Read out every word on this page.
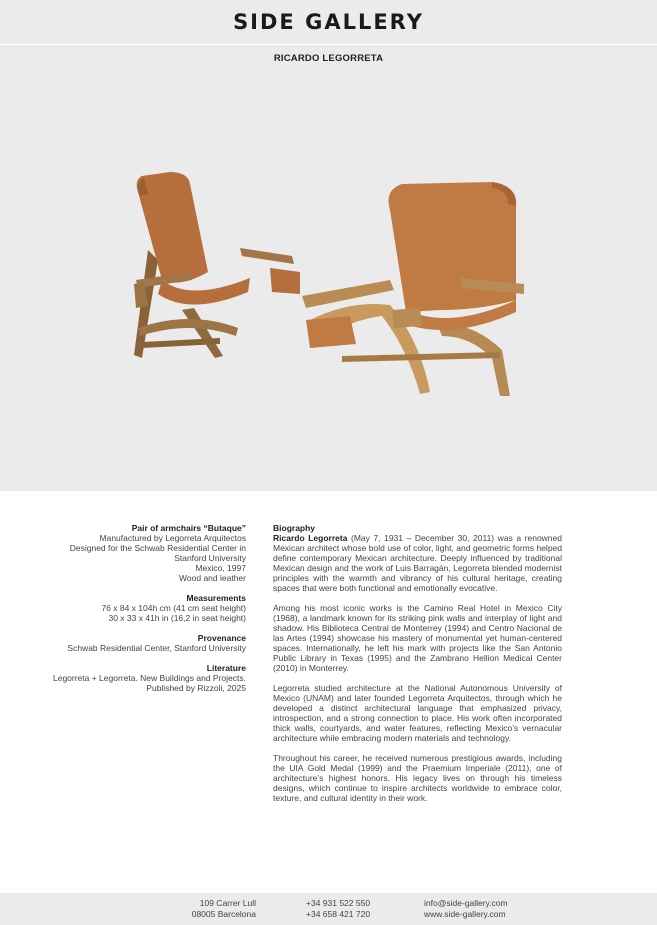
SIDE GALLERY
RICARDO LEGORRETA
Pair of armchairs “Butaque”
Manufactured by Legorreta Arquitectos
Designed for the Schwab Residential Center in
Stanford University
Mexico, 1997
Wood and leather
Measurements
76 x 84 x 104h cm (41 cm seat height)
30 x 33 x 41h in (16,2 in seat height)
Provenance
Schwab Residential Center, Stanford University
Literature
Legorreta + Legorreta. New Buildings and Projects.
Published by Rizzoli, 2025
Biography

Ricardo Legorreta (May 7, 1931 – December 30, 2011) was a renowned Mexican architect whose bold use of color, light, and geometric forms helped define contemporary Mexican architecture. Deeply influenced by traditional Mexican design and the work of Luis Barragán, Legorreta blended modernist principles with the warmth and vibrancy of his cultural heritage, creating spaces that were both functional and emotionally evocative.

Among his most iconic works is the Camino Real Hotel in Mexico City (1968), a landmark known for its striking pink walls and interplay of light and shadow. His Biblioteca Central de Monterrey (1994) and Centro Nacional de las Artes (1994) showcase his mastery of monumental yet human-centered spaces. Internationally, he left his mark with projects like the San Antonio Public Library in Texas (1995) and the Zambrano Hellion Medical Center (2010) in Monterrey.

Legorreta studied architecture at the National Autonomous University of Mexico (UNAM) and later founded Legorreta Arquitectos, through which he developed a distinct architectural language that emphasized privacy, introspection, and a strong connection to place. His work often incorporated thick walls, courtyards, and water features, reflecting Mexico’s vernacular architecture while embracing modern materials and technology.

Throughout his career, he received numerous prestigious awards, including the UIA Gold Medal (1999) and the Praemium Imperiale (2011), one of architecture’s highest honors. His legacy lives on through his timeless designs, which continue to inspire architects worldwide to embrace color, texture, and cultural identity in their work.

109 Carrer Lull
08005 Barcelona
+34 931 522 550
+34 658 421 720
info@side-gallery.com
www.side-gallery.com
